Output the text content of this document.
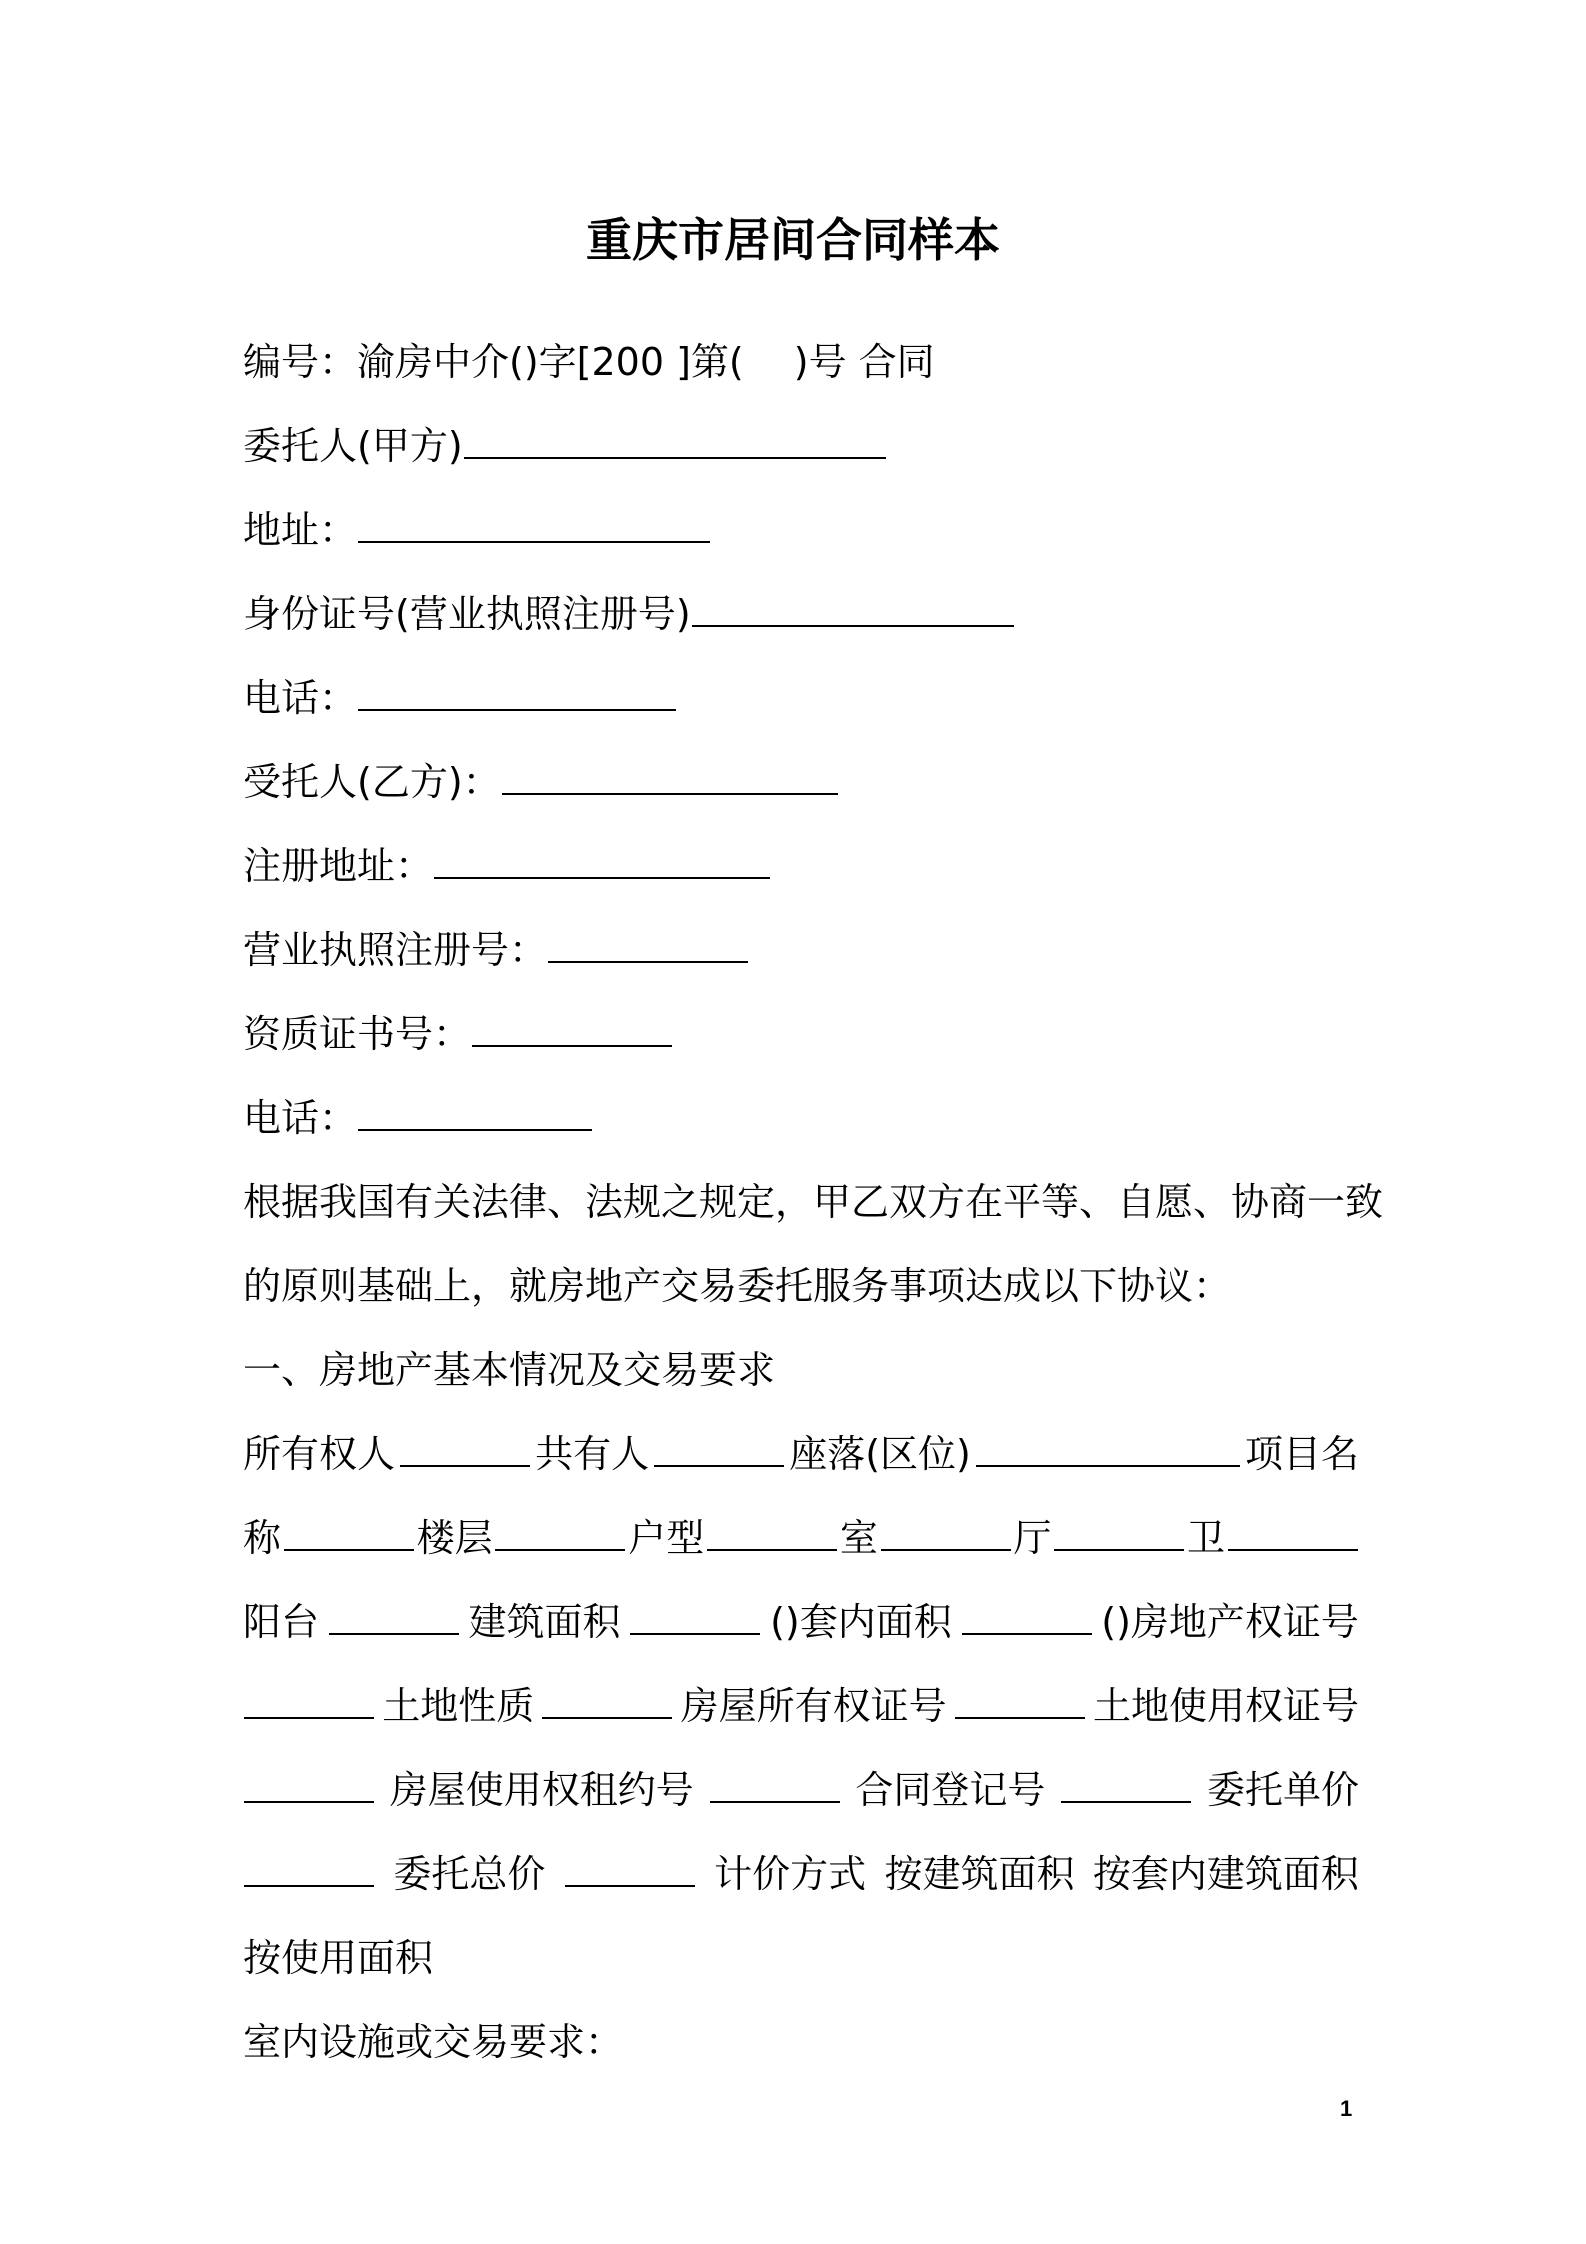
重庆市居间合同样本
编号：渝房中介()字[200 ]第( )号 合同
委托人(甲方)
地址：
身份证号(营业执照注册号)
电话：
受托人(乙方)：
注册地址：
营业执照注册号：
资质证书号：
电话：
根据我国有关法律、法规之规定，甲乙双方在平等、自愿、协商一致
的原则基础上，就房地产交易委托服务事项达成以下协议：
一、房地产基本情况及交易要求
所有权人	共有人	座落(区位)	项目名
称	楼层	户型	室	厅	卫
阳台	建筑面积	()套内面积	()房地产权证号
土地性质	房屋所有权证号	土地使用权证号
房屋使用权租约号	合同登记号	委托单价
委托总价	计价方式 按建筑面积 按套内建筑面积
按使用面积
室内设施或交易要求：
1
